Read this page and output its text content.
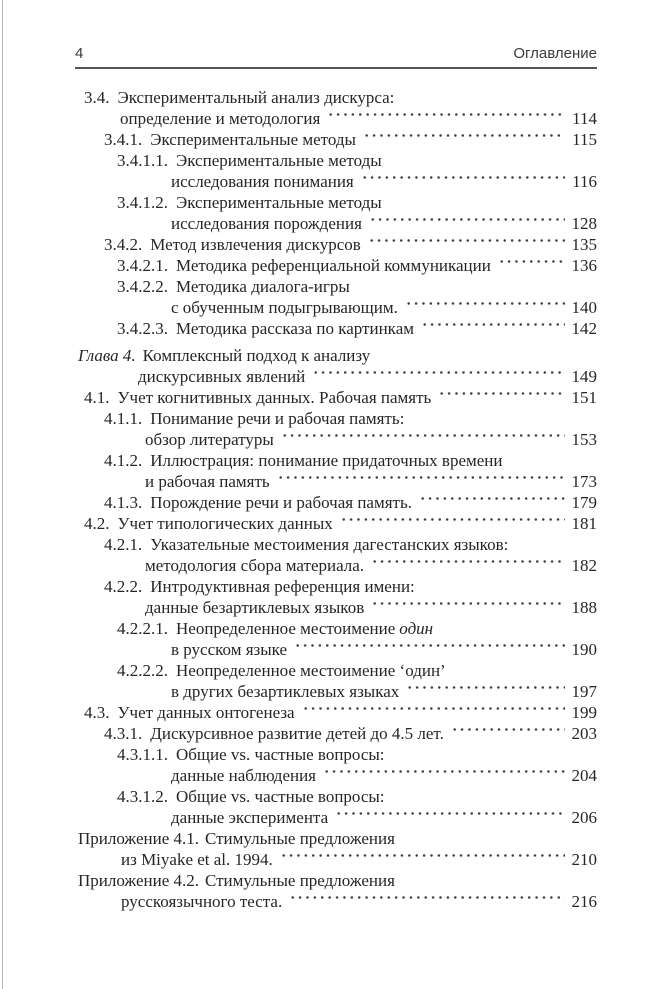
4	Оглавление
3.4. Экспериментальный анализ дискурса:
определение и методология	114
3.4.1. Экспериментальные методы	115
3.4.1.1. Экспериментальные методы
исследования понимания	116
3.4.1.2. Экспериментальные методы
исследования порождения	128
3.4.2. Метод извлечения дискурсов	135
3.4.2.1. Методика референциальной коммуникации	136
3.4.2.2. Методика диалога-игры
с обученным подыгрывающим.	140
3.4.2.3. Методика рассказа по картинкам	142
Глава 4. Комплексный подход к анализу
дискурсивных явлений	149
4.1. Учет когнитивных данных. Рабочая память	151
4.1.1. Понимание речи и рабочая память:
обзор литературы	153
4.1.2. Иллюстрация: понимание придаточных времени
и рабочая память	173
4.1.3. Порождение речи и рабочая память.	179
4.2. Учет типологических данных	181
4.2.1. Указательные местоимения дагестанских языков:
методология сбора материала.	182
4.2.2. Интродуктивная референция имени:
данные безартиклевых языков	188
4.2.2.1. Неопределенное местоимение один
в русском языке	190
4.2.2.2. Неопределенное местоимение ‘один’
в других безартиклевых языках	197
4.3. Учет данных онтогенеза	199
4.3.1. Дискурсивное развитие детей до 4.5 лет.	203
4.3.1.1. Общие vs. частные вопросы:
данные наблюдения	204
4.3.1.2. Общие vs. частные вопросы:
данные эксперимента	206
Приложение 4.1. Стимульные предложения
из Miyake et al. 1994.	210
Приложение 4.2. Стимульные предложения
русскоязычного теста.	216
